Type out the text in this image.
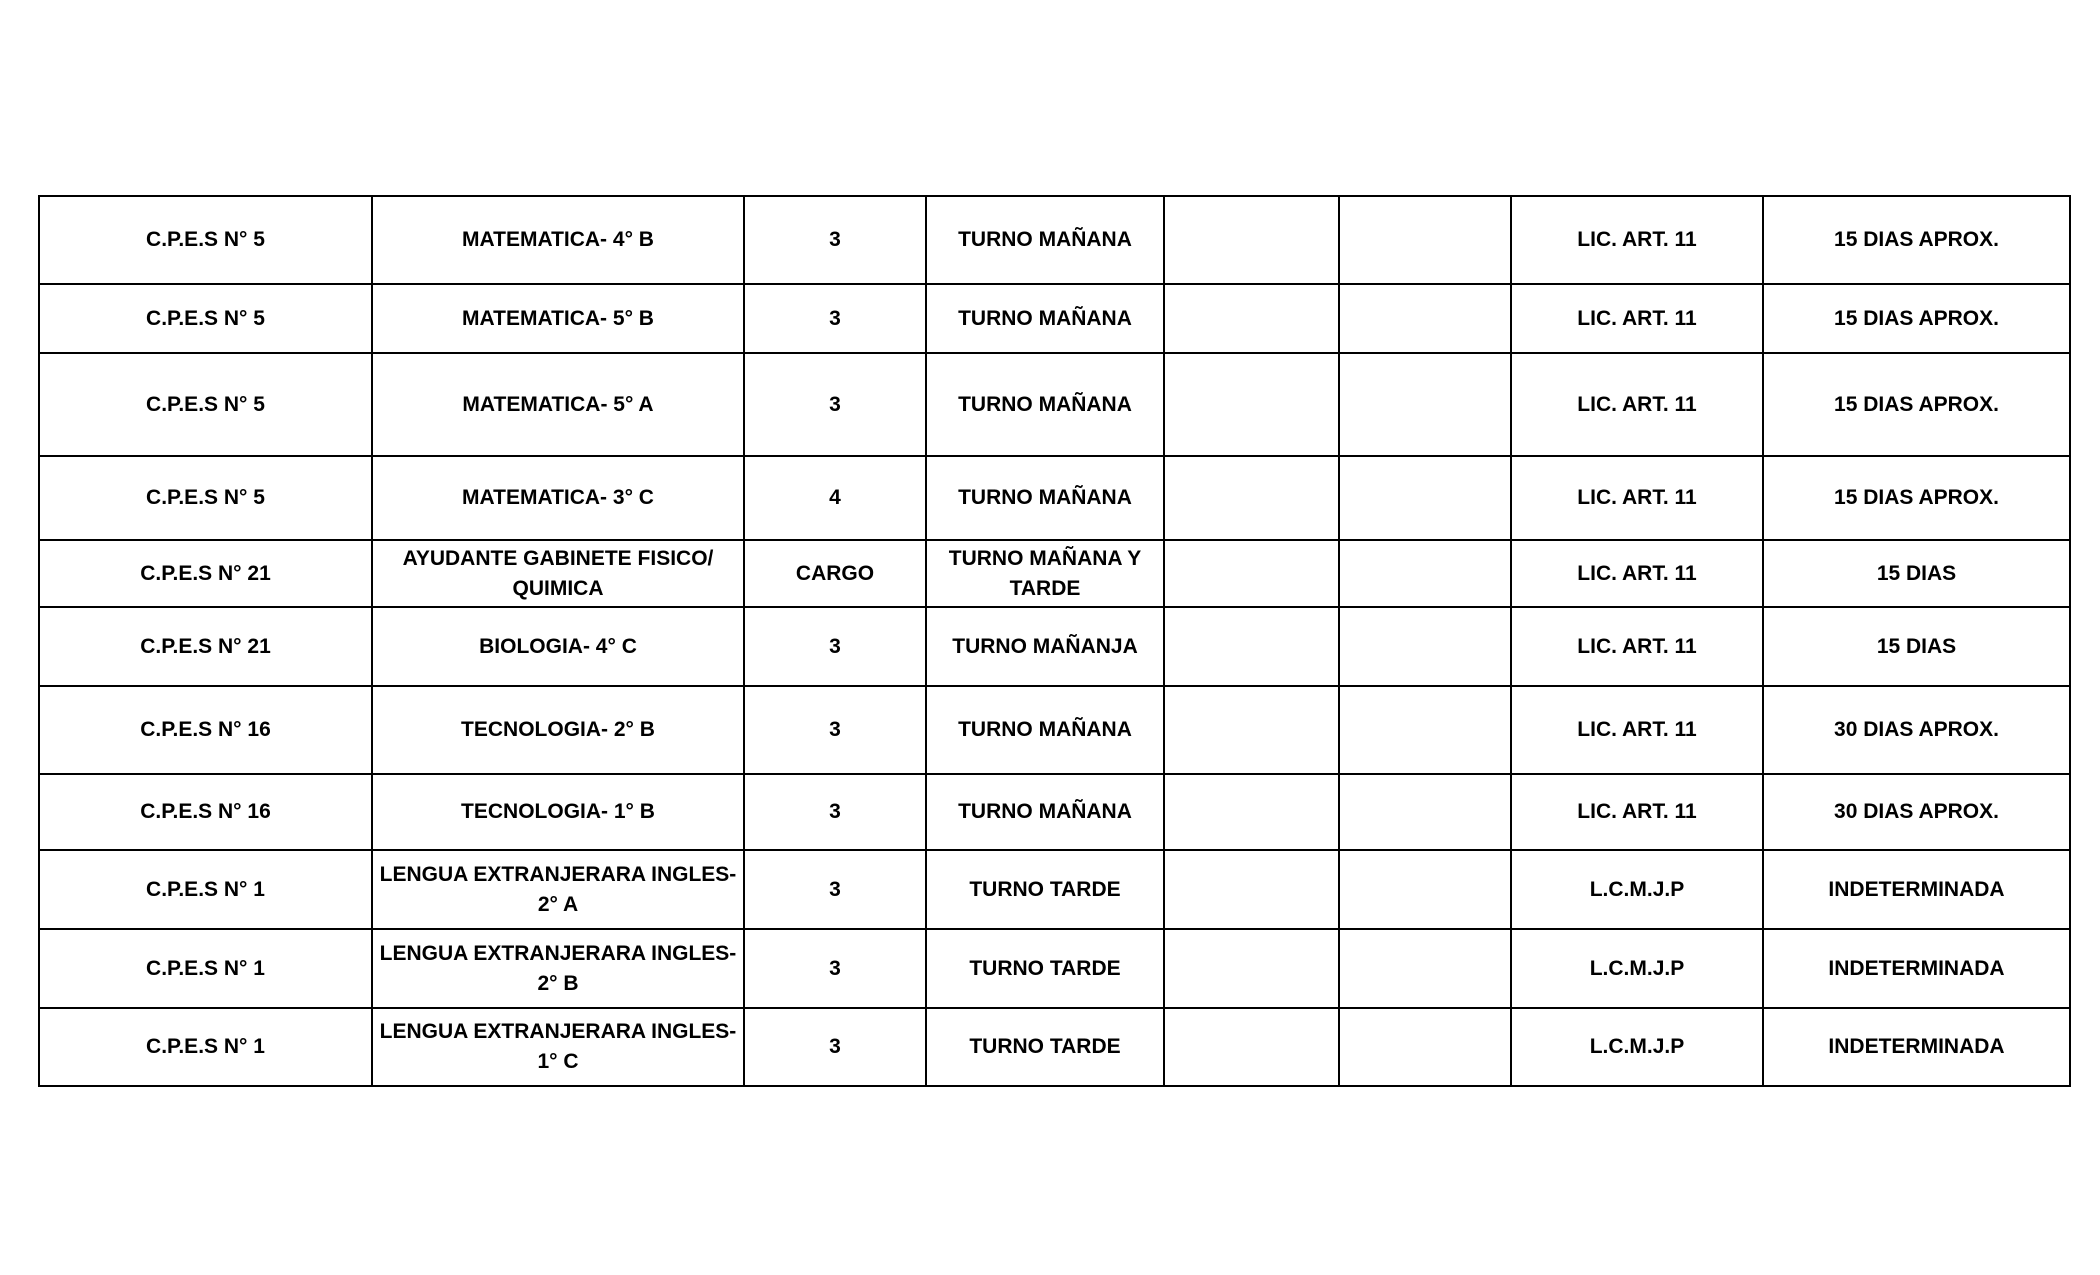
C.P.E.S N° 5	MATEMATICA- 4° B	3	TURNO MAÑANA			LIC. ART. 11	15 DIAS APROX.
C.P.E.S N° 5	MATEMATICA- 5° B	3	TURNO MAÑANA			LIC. ART. 11	15 DIAS APROX.
C.P.E.S N° 5	MATEMATICA- 5° A	3	TURNO MAÑANA			LIC. ART. 11	15 DIAS APROX.
C.P.E.S N° 5	MATEMATICA- 3° C	4	TURNO MAÑANA			LIC. ART. 11	15 DIAS APROX.
C.P.E.S N° 21	AYUDANTE GABINETE FISICO/ QUIMICA	CARGO	TURNO MAÑANA Y TARDE			LIC. ART. 11	15 DIAS
C.P.E.S N° 21	BIOLOGIA- 4° C	3	TURNO MAÑANJA			LIC. ART. 11	15 DIAS
C.P.E.S N° 16	TECNOLOGIA- 2° B	3	TURNO MAÑANA			LIC. ART. 11	30 DIAS APROX.
C.P.E.S N° 16	TECNOLOGIA- 1° B	3	TURNO MAÑANA			LIC. ART. 11	30 DIAS APROX.
C.P.E.S N° 1	LENGUA EXTRANJERARA INGLES- 2° A	3	TURNO TARDE			L.C.M.J.P	INDETERMINADA
C.P.E.S N° 1	LENGUA EXTRANJERARA INGLES- 2° B	3	TURNO TARDE			L.C.M.J.P	INDETERMINADA
C.P.E.S N° 1	LENGUA EXTRANJERARA INGLES- 1° C	3	TURNO TARDE			L.C.M.J.P	INDETERMINADA
